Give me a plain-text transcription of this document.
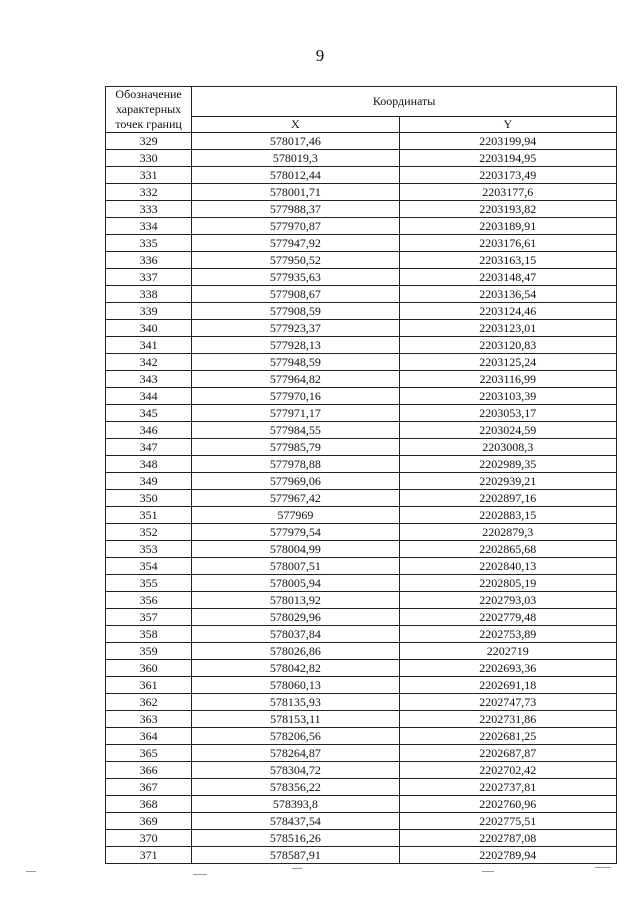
9
Обозначение характерных точек границ	Координаты	
	X	Y
329	578017,46	2203199,94
330	578019,3	2203194,95
331	578012,44	2203173,49
332	578001,71	2203177,6
333	577988,37	2203193,82
334	577970,87	2203189,91
335	577947,92	2203176,61
336	577950,52	2203163,15
337	577935,63	2203148,47
338	577908,67	2203136,54
339	577908,59	2203124,46
340	577923,37	2203123,01
341	577928,13	2203120,83
342	577948,59	2203125,24
343	577964,82	2203116,99
344	577970,16	2203103,39
345	577971,17	2203053,17
346	577984,55	2203024,59
347	577985,79	2203008,3
348	577978,88	2202989,35
349	577969,06	2202939,21
350	577967,42	2202897,16
351	577969	2202883,15
352	577979,54	2202879,3
353	578004,99	2202865,68
354	578007,51	2202840,13
355	578005,94	2202805,19
356	578013,92	2202793,03
357	578029,96	2202779,48
358	578037,84	2202753,89
359	578026,86	2202719
360	578042,82	2202693,36
361	578060,13	2202691,18
362	578135,93	2202747,73
363	578153,11	2202731,86
364	578206,56	2202681,25
365	578264,87	2202687,87
366	578304,72	2202702,42
367	578356,22	2202737,81
368	578393,8	2202760,96
369	578437,54	2202775,51
370	578516,26	2202787,08
371	578587,91	2202789,94
